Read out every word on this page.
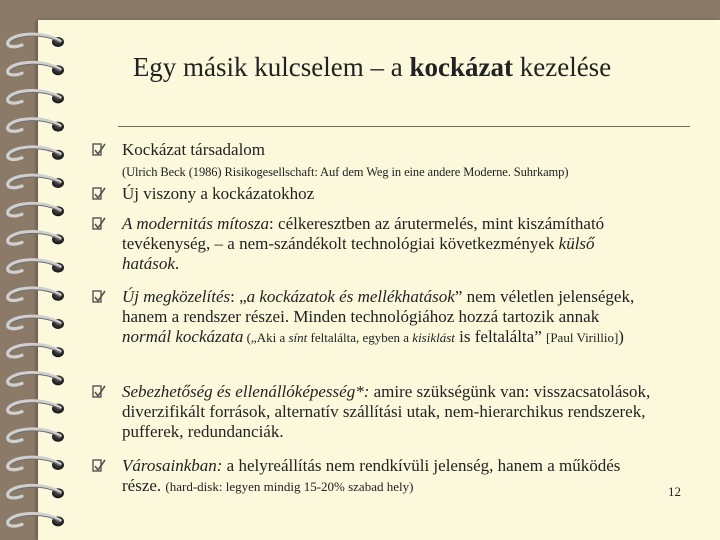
Egy másik kulcselem – a kockázat kezelése
Kockázat társadalom
(Ulrich Beck (1986) Risikogesellschaft: Auf dem Weg in eine andere Moderne. Suhrkamp)
Új viszony a kockázatokhoz
A modernitás mítosza: célkeresztben az árutermelés, mint kiszámítható tevékenység, – a nem-szándékolt technológiai következmények külső hatások.
Új megközelítés: „a kockázatok és mellékhatások” nem véletlen jelenségek, hanem a rendszer részei. Minden technológiához hozzá tartozik annak normál kockázata („Aki a sínt feltalálta, egyben a kisiklást is feltalálta” [Paul Virillio])
Sebezhetőség és ellenállóképesség*: amire szükségünk van: visszacsatolások, diverzifikált források, alternatív szállítási utak, nem-hierarchikus rendszerek, pufferek, redundanciák.
Városainkban: a helyreállítás nem rendkívüli jelenség, hanem a működés része. (hard-disk: legyen mindig 15-20% szabad hely)	12
